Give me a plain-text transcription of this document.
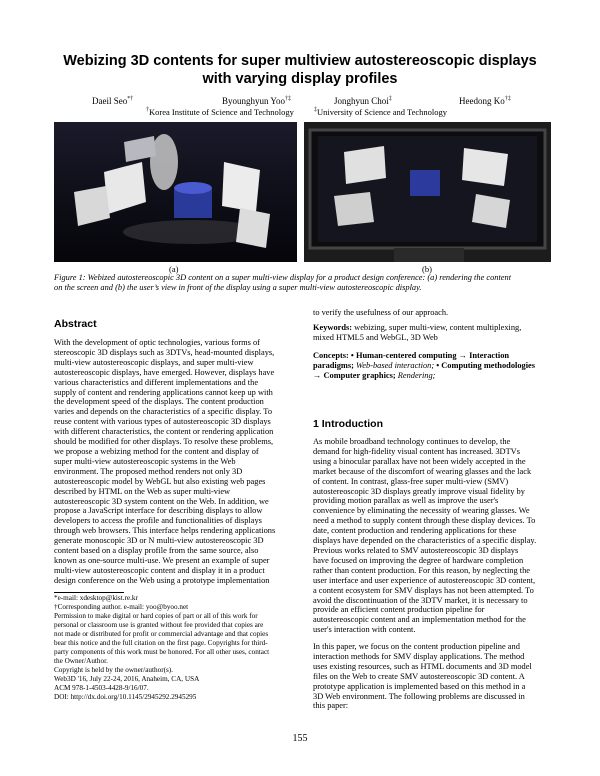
Webizing 3D contents for super multiview autostereoscopic displays
with varying display profiles
Daeil Seo*†	Byounghyun Yoo†‡	Jonghyun Choi‡	Heedong Ko†‡
†Korea Institute of Science and Technology	‡University of Science and Technology
(a)	(b)
Figure 1: Webized autostereoscopic 3D content on a super multi-view display for a product design conference: (a) rendering the content
on the screen and (b) the user’s view in front of the display using a super multi-view autostereoscopic display.
Abstract
With the development of optic technologies, various forms of
stereoscopic 3D displays such as 3DTVs, head-mounted displays,
multi-view autostereoscopic displays, and super multi-view
autostereoscopic displays, have emerged. However, displays have
various characteristics and different implementations and the
supply of content and rendering applications cannot keep up with
the development speed of the displays. The content production
varies and depends on the characteristics of a specific display. To
reuse content with various types of autostereoscopic 3D displays
with different characteristics, the content or rendering application
should be modified for other displays. To resolve these problems,
we propose a webizing method for the content and display of
super multi-view autostereoscopic systems in the Web
environment. The proposed method renders not only 3D
autostereoscopic model by WebGL but also existing web pages
described by HTML on the Web as super multi-view
autostereoscopic 3D system content on the Web. In addition, we
propose a JavaScript interface for describing displays to allow
developers to access the profile and functionalities of displays
through web browsers. This interface helps rendering applications
generate monoscopic 3D or N multi-view autostereoscopic 3D
content based on a display profile from the same source, also
known as one-source multi-use. We present an example of super
multi-view autostereoscopic content and display it in a product
design conference on the Web using a prototype implementation
*e-mail: xdesktop@kist.re.kr
†Corresponding author. e-mail: yoo@byoo.net
Permission to make digital or hard copies of part or all of this work for
personal or classroom use is granted without fee provided that copies are
not made or distributed for profit or commercial advantage and that copies
bear this notice and the full citation on the first page. Copyrights for third-
party components of this work must be honored. For all other uses, contact
the Owner/Author.
Copyright is held by the owner/author(s).
Web3D '16, July 22-24, 2016, Anaheim, CA, USA
ACM 978-1-4503-4428-9/16/07.
DOI: http://dx.doi.org/10.1145/2945292.2945295

to verify the usefulness of our approach.

Keywords: webizing, super multi-view, content multiplexing,

mixed HTML5 and WebGL, 3D Web

Concepts: • Human-centered computing → Interaction

paradigms; Web-based interaction; • Computing methodologies

→ Computer graphics; Rendering;

1 Introduction
As mobile broadband technology continues to develop, the
demand for high-fidelity visual content has increased. 3DTVs
using a binocular parallax have not been widely accepted in the
market because of the discomfort of wearing glasses and the lack
of content. In contrast, glass-free super multi-view (SMV)
autostereoscopic 3D displays greatly improve visual fidelity by
providing motion parallax as well as improve the user's
convenience by eliminating the necessity of wearing glasses. We
need a method to supply content through these display devices. To
date, content production and rendering applications for these
displays have depended on the characteristics of a specific display.
Previous works related to SMV autostereoscopic 3D displays
have focused on improving the degree of hardware completion
rather than content production. For this reason, by neglecting the
user interface and user experience of autostereoscopic 3D content,
a content ecosystem for SMV displays has not been attempted. To
avoid the discontinuation of the 3DTV market, it is necessary to
provide an efficient content production pipeline for
autostereoscopic content and an implementation method for the
user's interaction with content.
In this paper, we focus on the content production pipeline and
interaction methods for SMV display applications. The method
uses existing resources, such as HTML documents and 3D model
files on the Web to create SMV autostereoscopic 3D content. A
prototype application is implemented based on this method in a
3D Web environment. The following problems are discussed in
this paper:
155
